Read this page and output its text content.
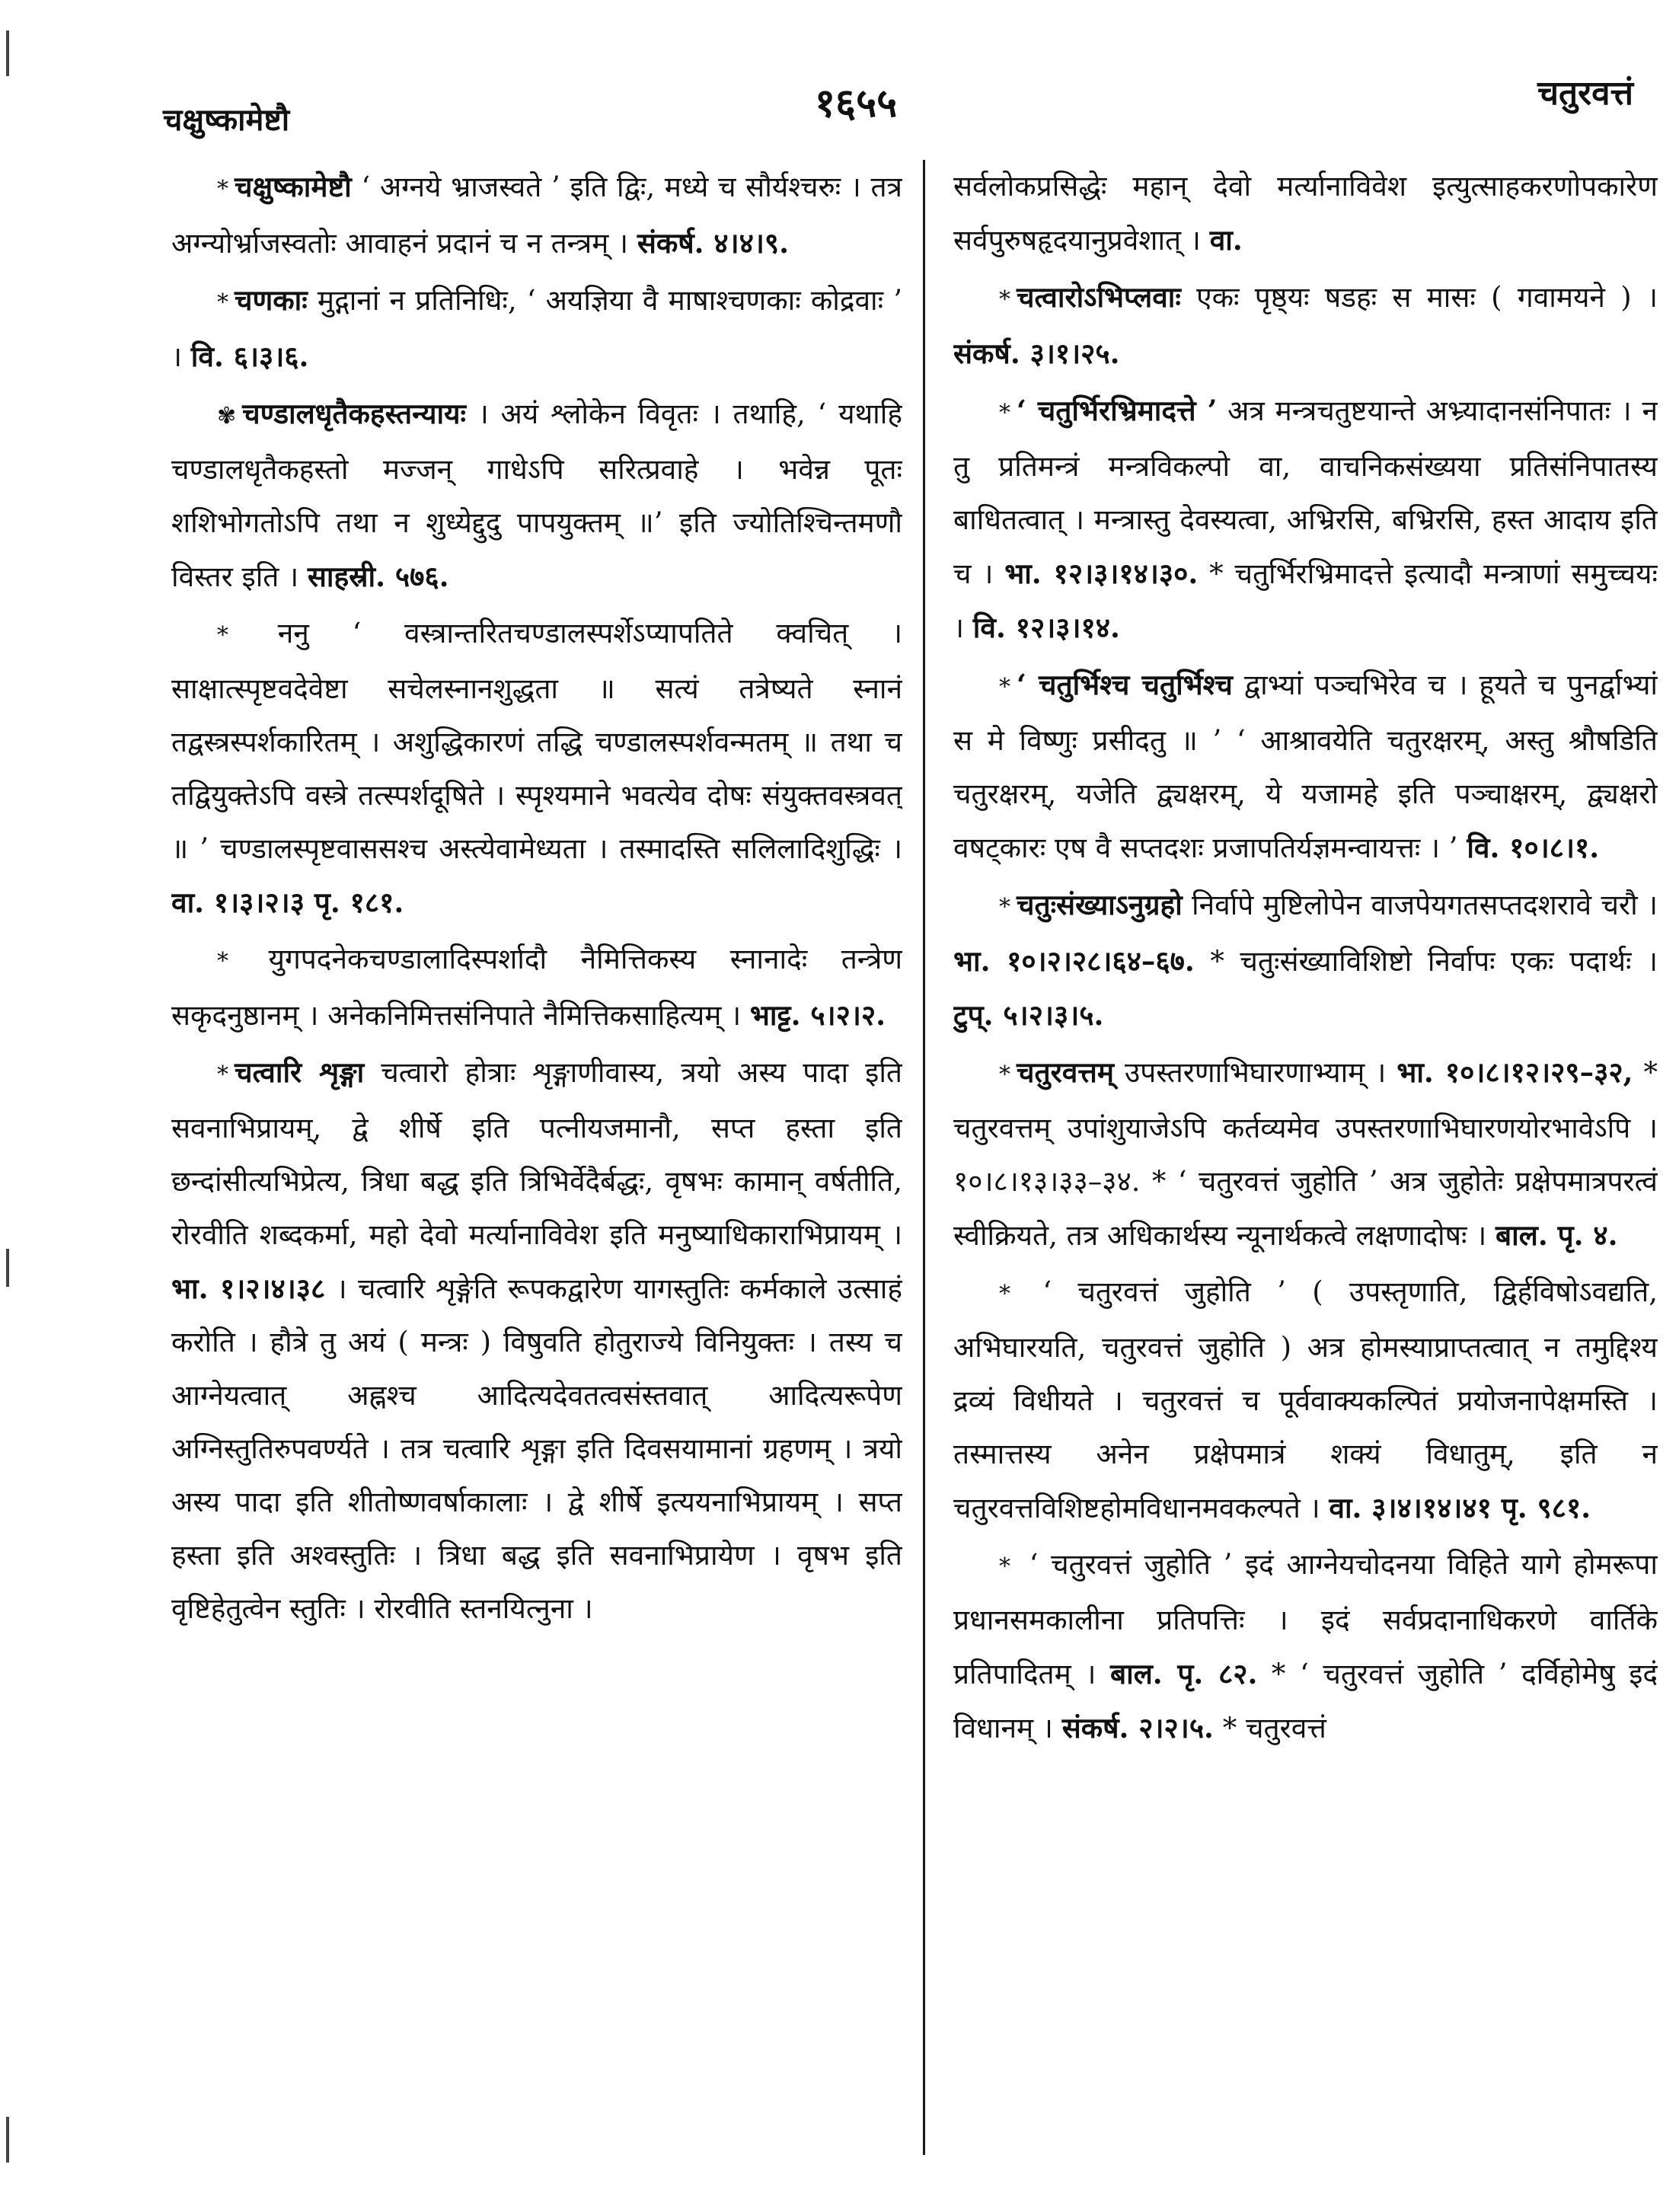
चक्षुष्कामेष्टौ	१६५५	चतुरवत्तं

* चक्षुष्कामेष्टौ ‘ अग्नये भ्राजस्वते ’ इति द्विः, मध्ये च सौर्यश्चरुः । तत्र अग्न्योर्भ्राजस्वतोः आवाहनं प्रदानं च न तन्त्रम् । संकर्ष. ४।४।९.

* चणकाः मुद्गानां न प्रतिनिधिः, ‘ अयज्ञिया वै माषाश्चणकाः कोद्रवाः ’ । वि. ६।३।६.

✾ चण्डालधृतैकहस्तन्यायः । अयं श्लोकेन विवृतः । तथाहि, ‘ यथाहि चण्डालधृतैकहस्तो मज्जन्‌ गाधेऽपि सरित्प्रवाहे । भवेन्न पूतः शशिभोगतोऽपि तथा न शुध्येद्दुदु पापयुक्तम् ॥’ इति ज्योतिश्चिन्तमणौ विस्तर इति । साहस्री. ५७६.

* ननु ‘ वस्त्रान्तरितचण्डालस्पर्शेऽप्यापतिते क्वचित् । साक्षात्स्पृष्टवदेवेष्टा सचेलस्नानशुद्धता ॥ सत्यं तत्रेष्यते स्नानं तद्वस्त्रस्पर्शकारितम् । अशुद्धिकारणं तद्धि चण्डालस्पर्शवन्मतम् ॥ तथा च तद्वियुक्तेऽपि वस्त्रे तत्स्पर्शदूषिते । स्पृश्यमाने भवत्येव दोषः संयुक्तवस्त्रवत् ॥ ’ चण्डालस्पृष्टवाससश्च अस्त्येवामेध्यता । तस्मादस्ति सलिलादिशुद्धिः । वा. १।३।२।३ पृ. १८१.

* युगपदनेकचण्डालादिस्पर्शादौ नैमित्तिकस्य स्नानादेः तन्त्रेण सकृदनुष्ठानम् । अनेकनिमित्तसंनिपाते नैमित्तिकसाहित्यम् । भाट्ट. ५।२।२.

* चत्वारि शृङ्गा चत्वारो होत्राः शृङ्गाणीवास्य, त्रयो अस्य पादा इति सवनाभिप्रायम्, द्वे शीर्षे इति पत्नीयजमानौ, सप्त हस्ता इति छन्दांसीत्यभिप्रेत्य, त्रिधा बद्ध इति त्रिभिर्वेदैर्बद्धः, वृषभः कामान्‌ वर्षतीति, रोरवीति शब्दकर्मा, महो देवो मर्त्यानाविवेश इति मनुष्याधिकाराभिप्रायम् । भा. १।२।४।३८ । चत्वारि शृङ्गेति रूपकद्वारेण यागस्तुतिः कर्मकाले उत्साहं करोति । हौत्रे तु अयं ( मन्त्रः ) विषुवति होतुराज्ये विनियुक्तः । तस्य च आग्नेयत्वात्‌ अह्नश्च आदित्यदेवतत्वसंस्तवात्‌ आदित्यरूपेण अग्निस्तुतिरुपवर्ण्यते । तत्र चत्वारि शृङ्गा इति दिवसयामानां ग्रहणम् । त्रयो अस्य पादा इति शीतोष्णवर्षाकालाः । द्वे शीर्षे इत्ययनाभिप्रायम् । सप्त हस्ता इति अश्वस्तुतिः । त्रिधा बद्ध इति सवनाभिप्रायेण । वृषभ इति वृष्टिहेतुत्वेन स्तुतिः । रोरवीति स्तनयित्नुना ।

सर्वलोकप्रसिद्धेः महान्‌ देवो मर्त्यानाविवेश इत्युत्साहकरणोपकारेण सर्वपुरुषहृदयानुप्रवेशात् । वा.

* चत्वारोऽभिप्लवाः एकः पृष्ठ्यः षडहः स मासः ( गवामयने ) । संकर्ष. ३।१।२५.

* ‘ चतुर्भिरभ्रिमादत्ते ’ अत्र मन्त्रचतुष्टयान्ते अभ्र्यादानसंनिपातः । न तु प्रतिमन्त्रं मन्त्रविकल्पो वा, वाचनिकसंख्यया प्रतिसंनिपातस्य बाधितत्वात् । मन्त्रास्तु देवस्यत्वा, अभ्रिरसि, बभ्रिरसि, हस्त आदाय इति च । भा. १२।३।१४।३०. * चतुर्भिरभ्रिमादत्ते इत्यादौ मन्त्राणां समुच्चयः । वि. १२।३।१४.

* ‘ चतुर्भिश्च चतुर्भिश्च द्वाभ्यां पञ्चभिरेव च । हूयते च पुनर्द्वाभ्यां स मे विष्णुः प्रसीदतु ॥ ’ ‘ आश्रावयेति चतुरक्षरम्, अस्तु श्रौषडिति चतुरक्षरम्, यजेति द्व्यक्षरम्, ये यजामहे इति पञ्चाक्षरम्, द्व्यक्षरो वषट्कारः एष वै सप्तदशः प्रजापतिर्यज्ञमन्वायत्तः । ’ वि. १०।८।१.

* चतुःसंख्याऽनुग्रहो निर्वापे मुष्टिलोपेन वाजपेयगतसप्तदशरावे चरौ । भा. १०।२।२८।६४–६७. * चतुःसंख्याविशिष्टो निर्वापः एकः पदार्थः । टुप्. ५।२।३।५.

* चतुरवत्तम् उपस्तरणाभिघारणाभ्याम् । भा. १०।८।१२।२९–३२, * चतुरवत्तम् उपांशुयाजेऽपि कर्तव्यमेव उपस्तरणाभिघारणयोरभावेऽपि । १०।८।१३।३३–३४. * ‘ चतुरवत्तं जुहोति ’ अत्र जुहोतेः प्रक्षेपमात्रपरत्वं स्वीक्रियते, तत्र अधिकार्थस्य न्यूनार्थकत्वे लक्षणादोषः । बाल. पृ. ४.

* ‘ चतुरवत्तं जुहोति ’ ( उपस्तृणाति, द्विर्हविषोऽवद्यति, अभिघारयति, चतुरवत्तं जुहोति ) अत्र होमस्याप्राप्तत्वात्‌ न तमुद्दिश्य द्रव्यं विधीयते । चतुरवत्तं च पूर्ववाक्यकल्पितं प्रयोजनापेक्षमस्ति । तस्मात्तस्य अनेन प्रक्षेपमात्रं शक्यं विधातुम्, इति न चतुरवत्तविशिष्टहोमविधानमवकल्पते । वा. ३।४।१४।४१ पृ. ९८१.

* ‘ चतुरवत्तं जुहोति ’ इदं आग्नेयचोदनया विहिते यागे होमरूपा प्रधानसमकालीना प्रतिपत्तिः । इदं सर्वप्रदानाधिकरणे वार्तिके प्रतिपादितम् । बाल. पृ. ८२. * ‘ चतुरवत्तं जुहोति ’ दर्विहोमेषु इदं विधानम् । संकर्ष. २।२।५. * चतुरवत्तं
